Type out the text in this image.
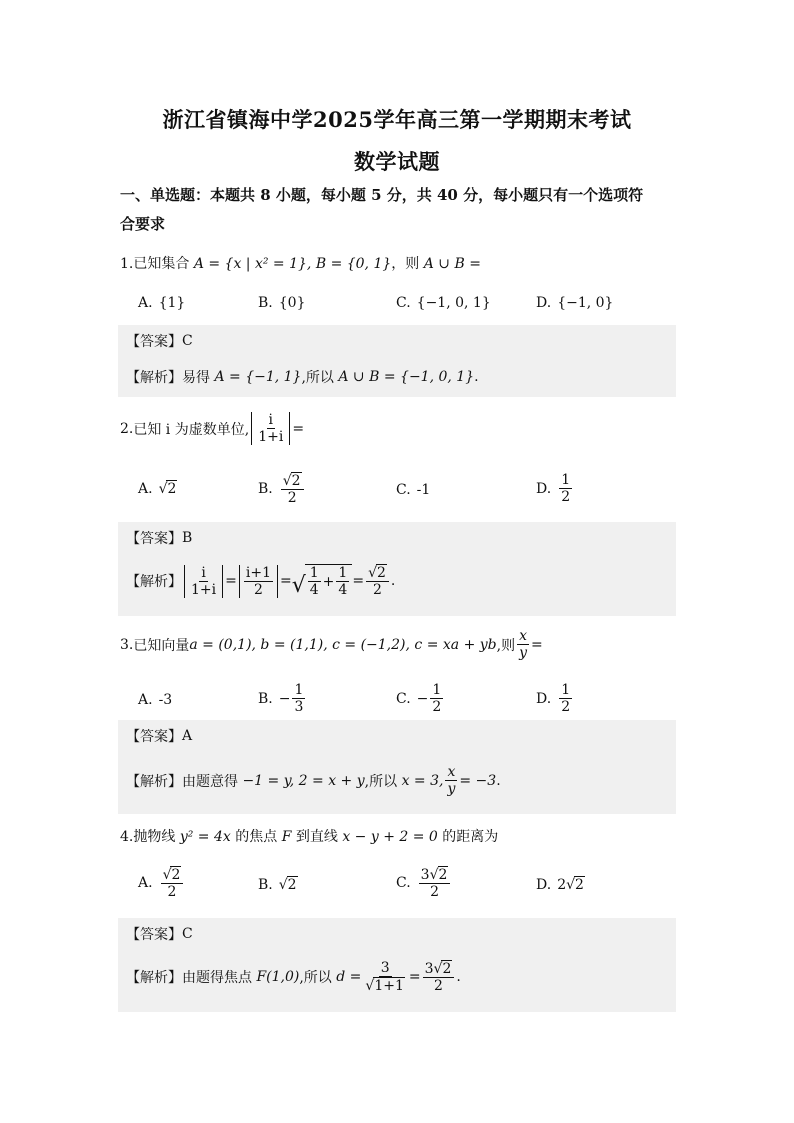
浙江省镇海中学2025学年高三第一学期期末考试
数学试题
一、单选题：本题共 8 小题，每小题 5 分，共 40 分，每小题只有一个选项符
合要求
1.已知集合 A = {x | x² = 1}, B = {0, 1}，则 A ∪ B =
A. {1}	B. {0}	C. {−1, 0, 1}	D. {−1, 0}
【答案】 C
【解析】 易得
A = {−1, 1} ,所以
A ∪ B = {−1, 0, 1} .
2. 已知 i 为虚数单位, $\frac{i}{1+i}$ =
A. √ 2	B. $\frac{√ 2}{2}$	C. -1	D. $\frac{1}{2}$
【答案】 B
【解析】 $\frac{i}{1+i} = \frac{i+1}{2}$ = √ $\frac{1}{4} + \frac{1}{4} = \frac{√ 2}{2}$ .
3. 已知向量 a = (0,1), b = (1,1), c = (−1,2), c = xa + yb ,则 $\frac{x}{y}$ =
A. -3	B. − $\frac{1}{3}$	C. − $\frac{1}{2}$	D. $\frac{1}{2}$
【答案】 A
【解析】 由题意得
−1 = y, 2 = x + y ,所以
x = 3, $\frac{x}{y} = -3$ .
4.抛物线 y² = 4x 的焦点 F 到直线 x − y + 2 = 0 的距离为
A. $\frac{√ 2}{2}$	B. √ 2	C. $\frac{3 √ 2}{2}$	D. 2 √ 2
【答案】 C
【解析】 由题得焦点
F(1,0) ,所以
$d = \frac{3}{√ 1+1} = \frac{3 √ 2}{2}$ .
